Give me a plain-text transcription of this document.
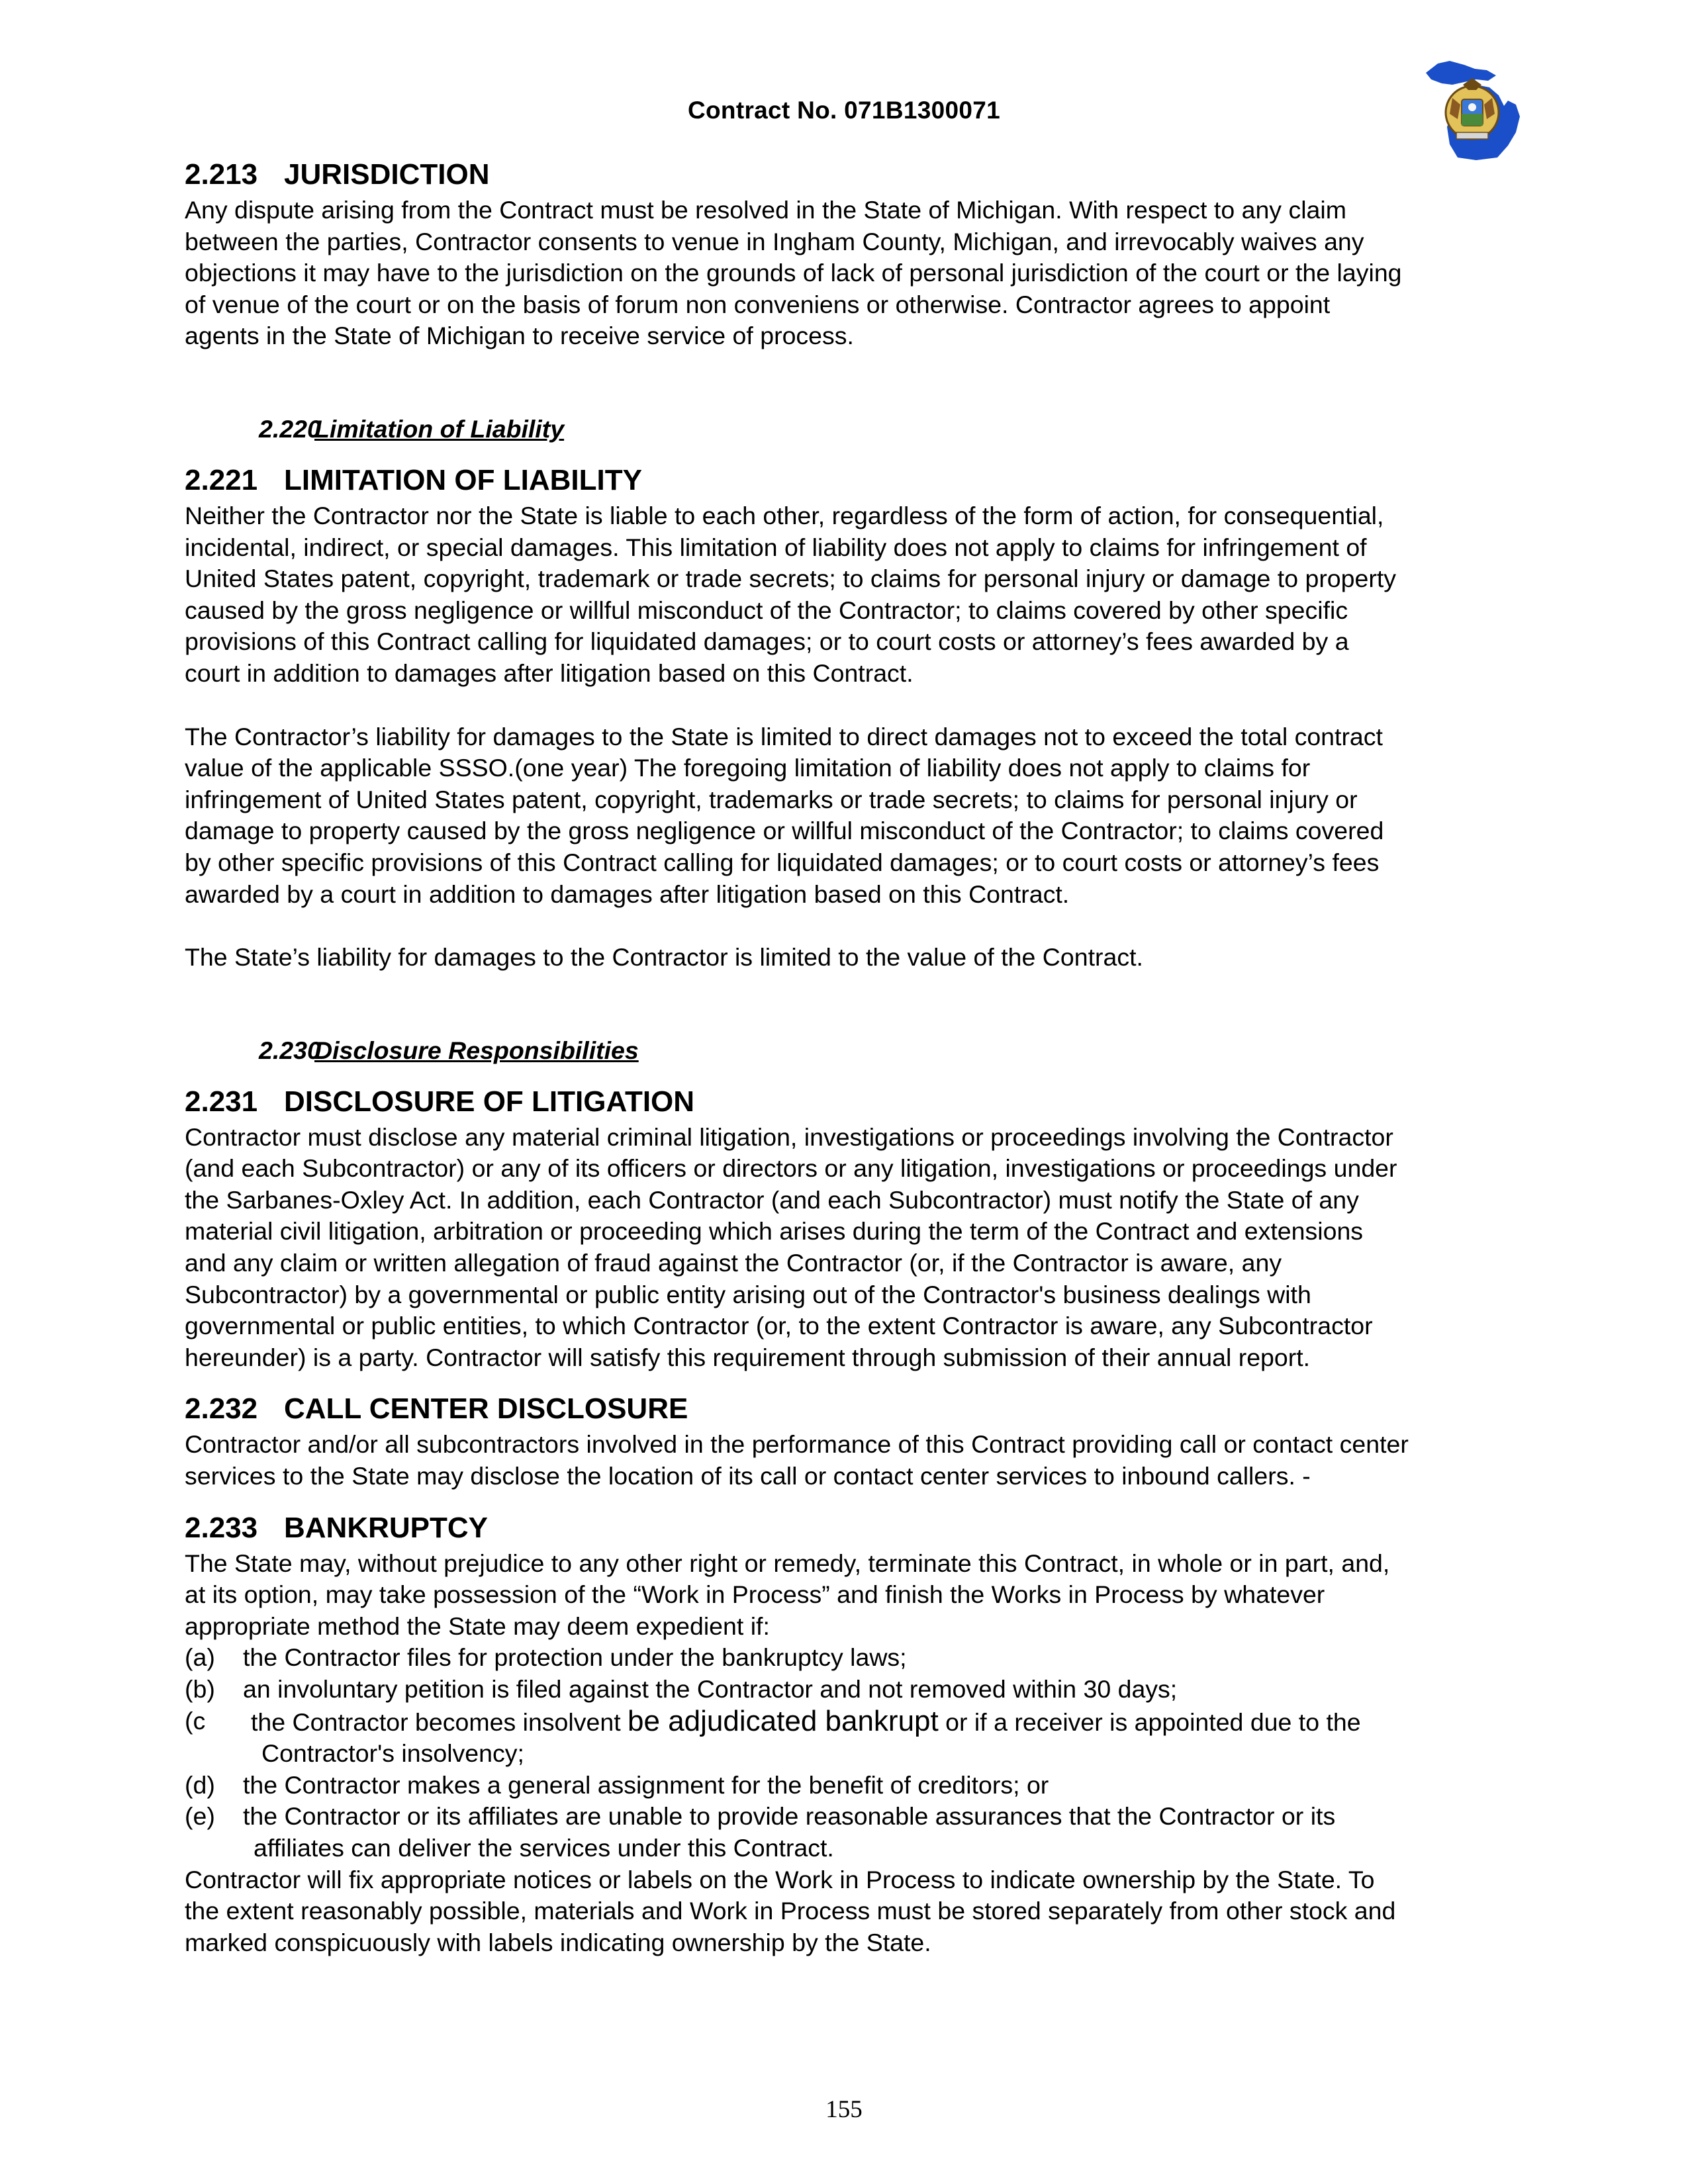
Contract No. 071B1300071
2.213 JURISDICTION

Any dispute arising from the Contract must be resolved in the State of Michigan. With respect to any claim

between the parties, Contractor consents to venue in Ingham County, Michigan, and irrevocably waives any

objections it may have to the jurisdiction on the grounds of lack of personal jurisdiction of the court or the laying

of venue of the court or on the basis of forum non conveniens or otherwise. Contractor agrees to appoint

agents in the State of Michigan to receive service of process.

2.220Limitation of Liability
2.221 LIMITATION OF LIABILITY

Neither the Contractor nor the State is liable to each other, regardless of the form of action, for consequential,

incidental, indirect, or special damages. This limitation of liability does not apply to claims for infringement of

United States patent, copyright, trademark or trade secrets; to claims for personal injury or damage to property

caused by the gross negligence or willful misconduct of the Contractor; to claims covered by other specific

provisions of this Contract calling for liquidated damages; or to court costs or attorney’s fees awarded by a

court in addition to damages after litigation based on this Contract.

The Contractor’s liability for damages to the State is limited to direct damages not to exceed the total contract

value of the applicable SSSO.(one year) The foregoing limitation of liability does not apply to claims for

infringement of United States patent, copyright, trademarks or trade secrets; to claims for personal injury or

damage to property caused by the gross negligence or willful misconduct of the Contractor; to claims covered

by other specific provisions of this Contract calling for liquidated damages; or to court costs or attorney’s fees

awarded by a court in addition to damages after litigation based on this Contract.

The State’s liability for damages to the Contractor is limited to the value of the Contract.

2.230Disclosure Responsibilities
2.231 DISCLOSURE OF LITIGATION

Contractor must disclose any material criminal litigation, investigations or proceedings involving the Contractor

(and each Subcontractor) or any of its officers or directors or any litigation, investigations or proceedings under

the Sarbanes-Oxley Act. In addition, each Contractor (and each Subcontractor) must notify the State of any

material civil litigation, arbitration or proceeding which arises during the term of the Contract and extensions

and any claim or written allegation of fraud against the Contractor (or, if the Contractor is aware, any

Subcontractor) by a governmental or public entity arising out of the Contractor's business dealings with

governmental or public entities, to which Contractor (or, to the extent Contractor is aware, any Subcontractor

hereunder) is a party. Contractor will satisfy this requirement through submission of their annual report.

2.232 CALL CENTER DISCLOSURE

Contractor and/or all subcontractors involved in the performance of this Contract providing call or contact center

services to the State may disclose the location of its call or contact center services to inbound callers. -

2.233 BANKRUPTCY

The State may, without prejudice to any other right or remedy, terminate this Contract, in whole or in part, and,

at its option, may take possession of the “Work in Process” and finish the Works in Process by whatever

appropriate method the State may deem expedient if:

(a) the Contractor files for protection under the bankruptcy laws;
(b) an involuntary petition is filed against the Contractor and not removed within 30 days;
(c the Contractor becomes insolvent be adjudicated bankrupt or if a receiver is appointed due to the
Contractor's insolvency;
(d) the Contractor makes a general assignment for the benefit of creditors; or
(e) the Contractor or its affiliates are unable to provide reasonable assurances that the Contractor or its
affiliates can deliver the services under this Contract.

Contractor will fix appropriate notices or labels on the Work in Process to indicate ownership by the State. To

the extent reasonably possible, materials and Work in Process must be stored separately from other stock and

marked conspicuously with labels indicating ownership by the State.

155
